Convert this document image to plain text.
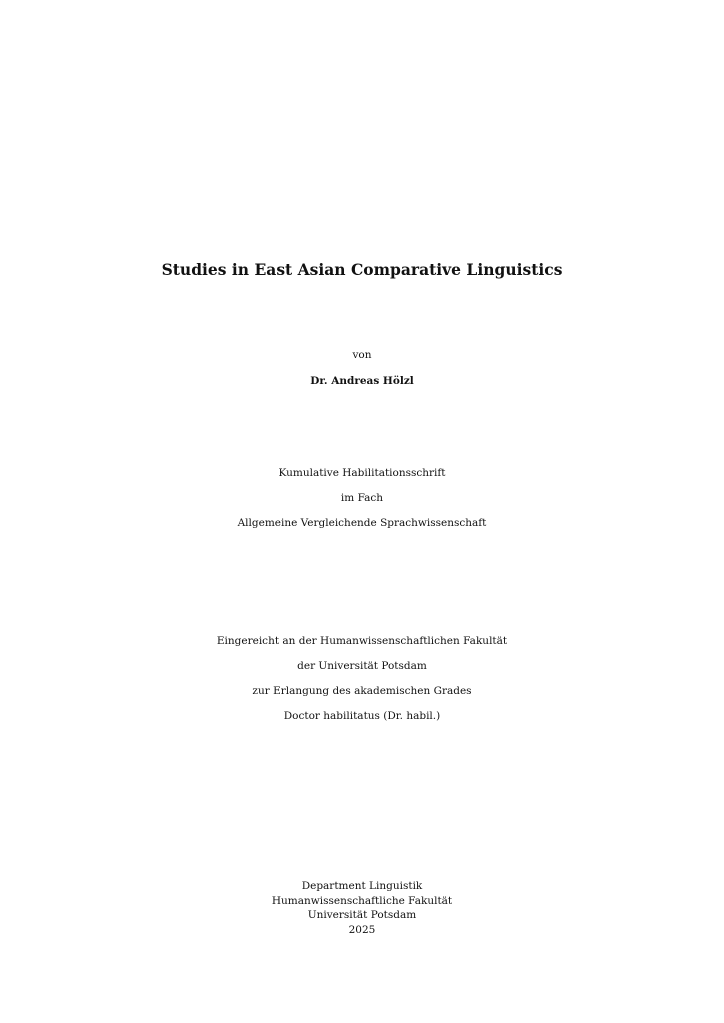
Studies in East Asian Comparative Linguistics
von
Dr. Andreas Hölzl
Kumulative Habilitationsschrift
im Fach
Allgemeine Vergleichende Sprachwissenschaft
Eingereicht an der Humanwissenschaftlichen Fakultät
der Universität Potsdam
zur Erlangung des akademischen Grades
Doctor habilitatus (Dr. habil.)
Department Linguistik
Humanwissenschaftliche Fakultät
Universität Potsdam
2025
